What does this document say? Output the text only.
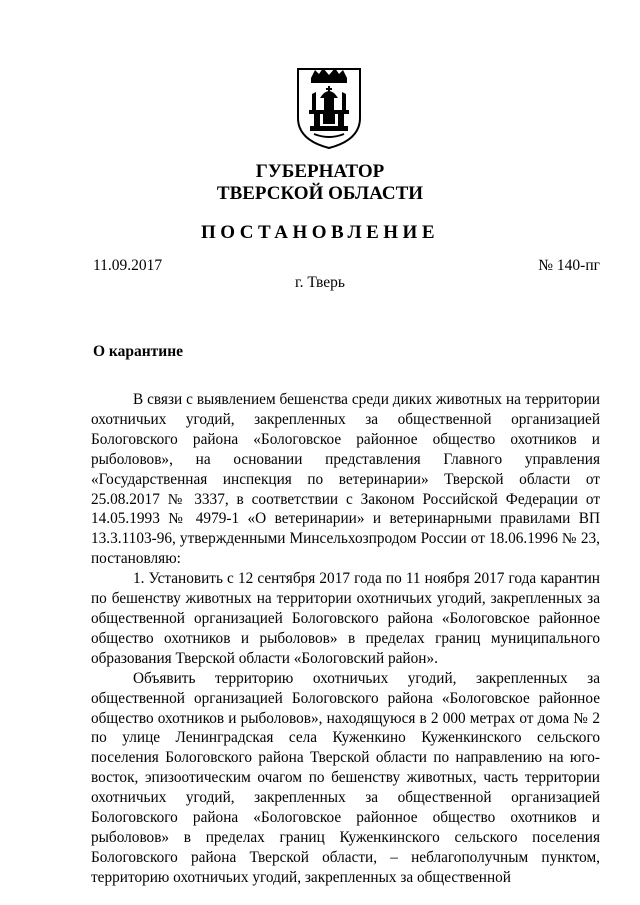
ГУБЕРНАТОР
ТВЕРСКОЙ ОБЛАСТИ
ПОСТАНОВЛЕНИЕ
11.09.2017	№ 140-пг
г. Тверь
О карантине

В связи с выявлением бешенства среди диких животных на территории охотничьих угодий, закрепленных за общественной организацией Бологовского района «Бологовское районное общество охотников и рыболовов», на основании представления Главного управления «Государственная инспекция по ветеринарии» Тверской области от 25.08.2017 № 3337, в соответствии с Законом Российской Федерации от 14.05.1993 № 4979-1 «О ветеринарии» и ветеринарными правилами ВП 13.3.1103-96, утвержденными Минсельхозпродом России от 18.06.1996 № 23, постановляю:

1. Установить с 12 сентября 2017 года по 11 ноября 2017 года карантин по бешенству животных на территории охотничьих угодий, закрепленных за общественной организацией Бологовского района «Бологовское районное общество охотников и рыболовов» в пределах границ муниципального образования Тверской области «Бологовский район».

Объявить территорию охотничьих угодий, закрепленных за общественной организацией Бологовского района «Бологовское районное общество охотников и рыболовов», находящуюся в 2 000 метрах от дома № 2 по улице Ленинградская села Куженкино Куженкинского сельского поселения Бологовского района Тверской области по направлению на юго-восток, эпизоотическим очагом по бешенству животных, часть территории охотничьих угодий, закрепленных за общественной организацией Бологовского района «Бологовское районное общество охотников и рыболовов» в пределах границ Куженкинского сельского поселения Бологовского района Тверской области, – неблагополучным пунктом, территорию охотничьих угодий, закрепленных за общественной
